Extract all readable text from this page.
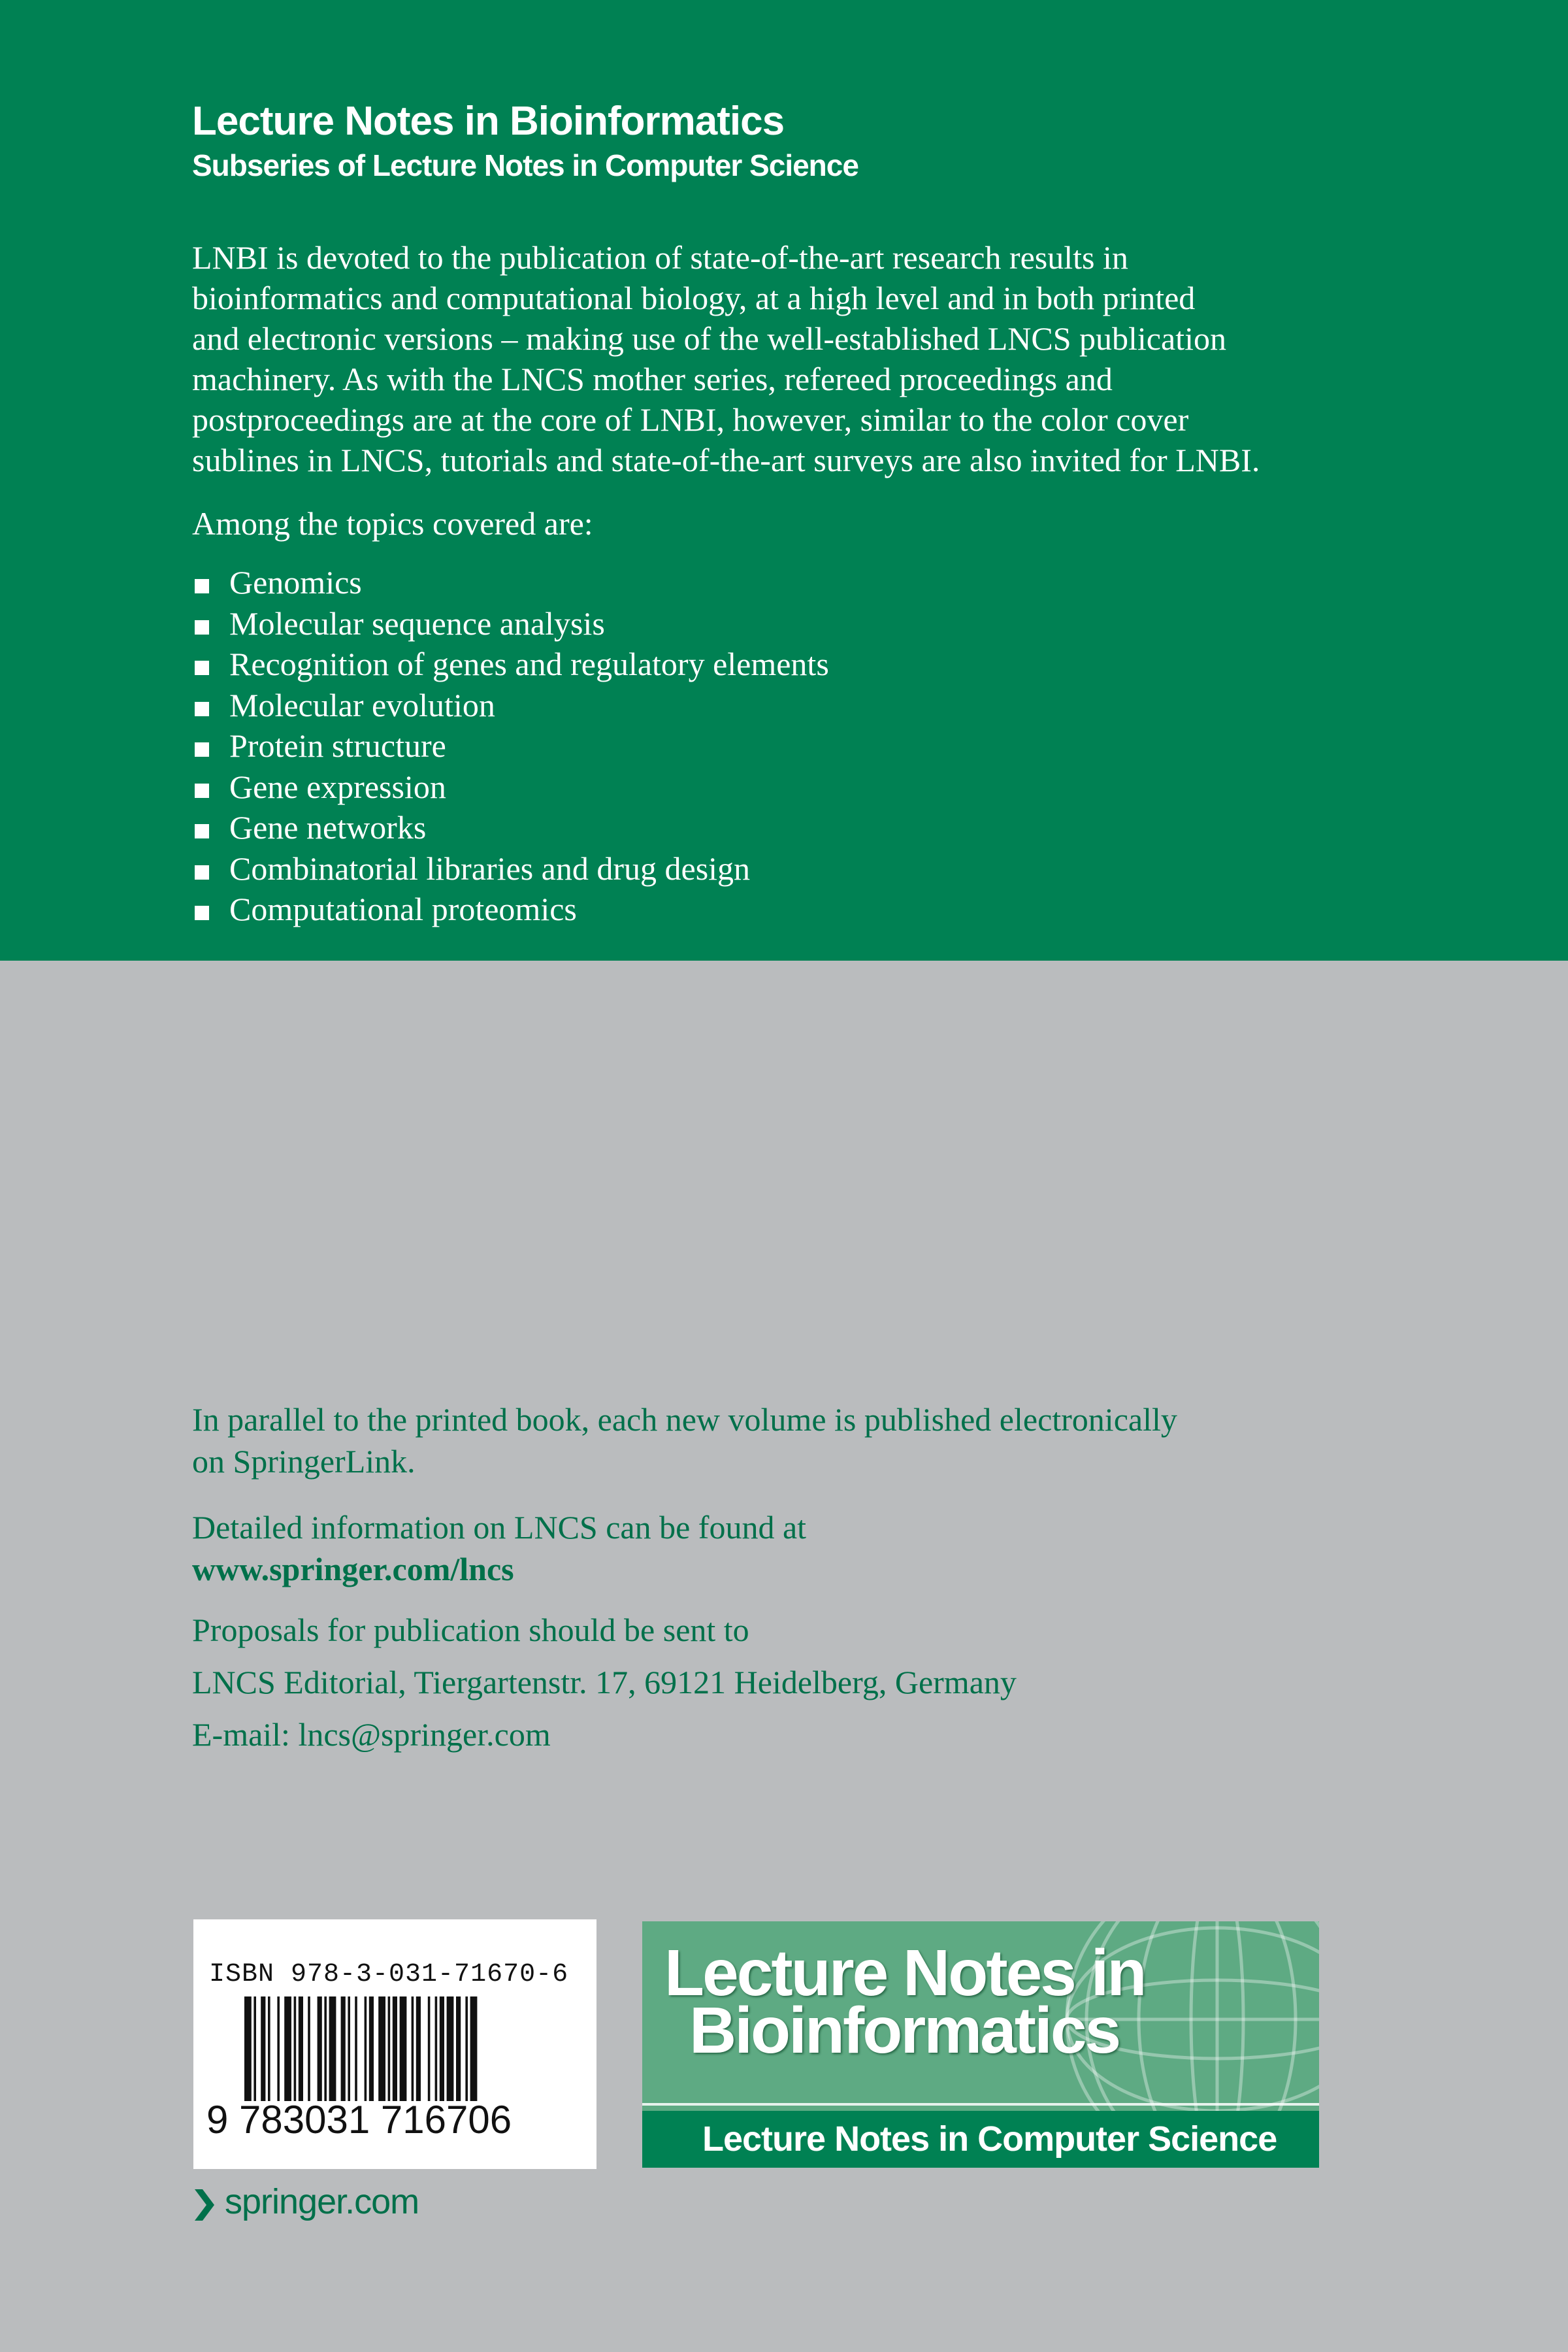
Lecture Notes in Bioinformatics
Subseries of Lecture Notes in Computer Science
LNBI is devoted to the publication of state-of-the-art research results in
bioinformatics and computational biology, at a high level and in both printed
and electronic versions – making use of the well-established LNCS publication
machinery. As with the LNCS mother series, refereed proceedings and
postproceedings are at the core of LNBI, however, similar to the color cover
sublines in LNCS, tutorials and state-of-the-art surveys are also invited for LNBI.
Among the topics covered are:
Genomics
Molecular sequence analysis
Recognition of genes and regulatory elements
Molecular evolution
Protein structure
Gene expression
Gene networks
Combinatorial libraries and drug design
Computational proteomics
In parallel to the printed book, each new volume is published electronically
on SpringerLink.
Detailed information on LNCS can be found at
www.springer.com/lncs
Proposals for publication should be sent to
LNCS Editorial, Tiergartenstr. 17, 69121 Heidelberg, Germany
E-mail: lncs@springer.com
ISBN 978-3-031-71670-6
9 783031 716706
Lecture Notes in
Bioinformatics
Lecture Notes in Computer Science
springer.com
